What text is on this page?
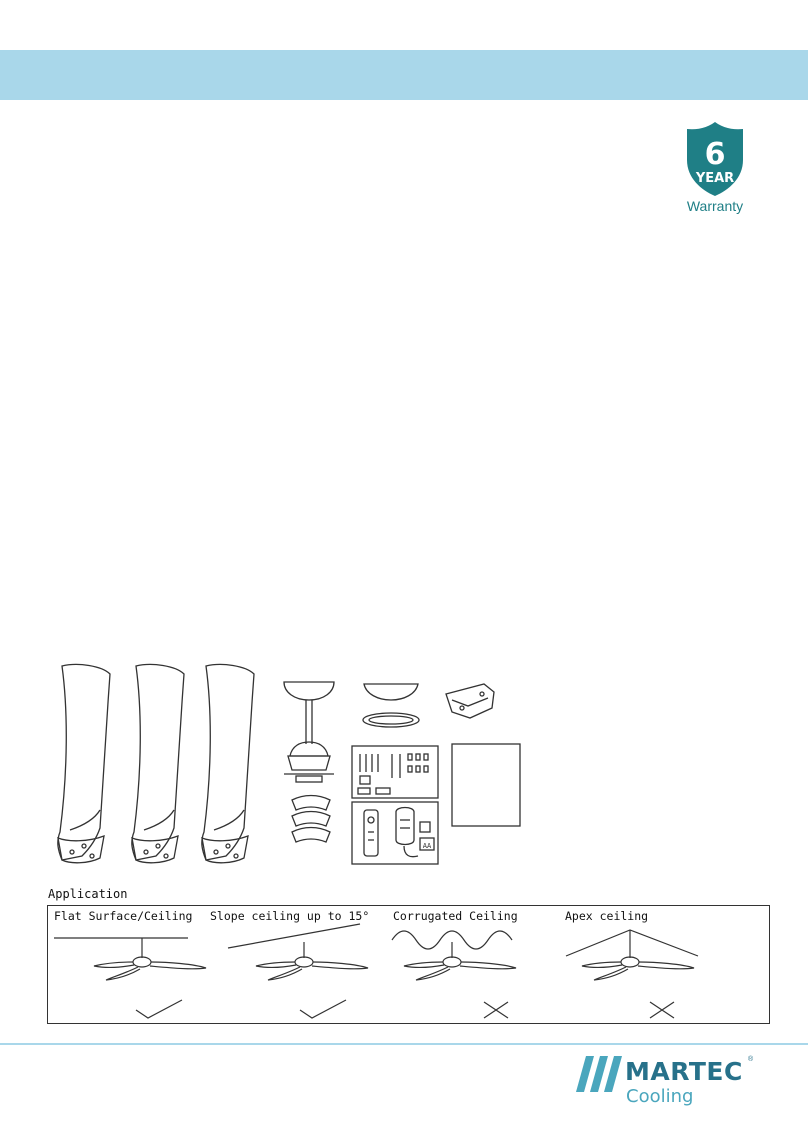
6
YEAR
Warranty
AA
Application
Flat Surface/Ceiling Slope ceiling up to 15° Corrugated Ceiling	Apex ceiling
MARTEC ®
Cooling
